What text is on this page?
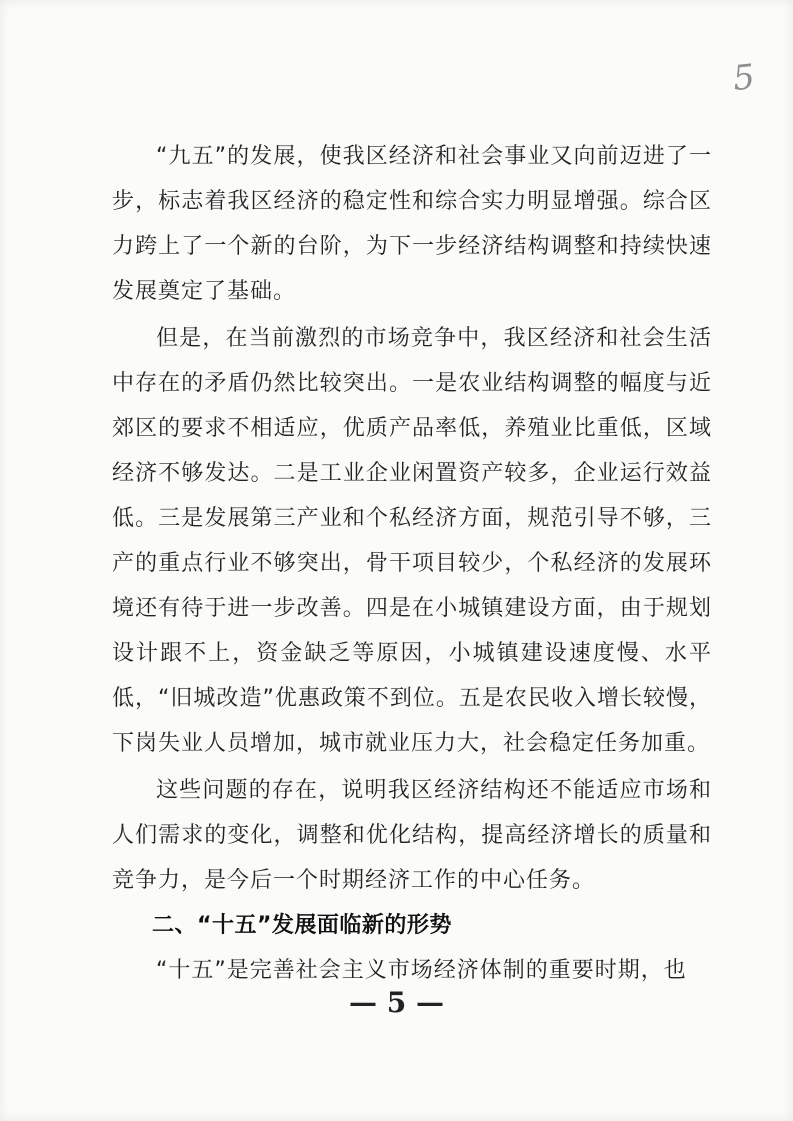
5

“九五”的发展，使我区经济和社会事业又向前迈进了一步，标志着我区经济的稳定性和综合实力明显增强。综合区力跨上了一个新的台阶，为下一步经济结构调整和持续快速发展奠定了基础。

但是，在当前激烈的市场竞争中，我区经济和社会生活中存在的矛盾仍然比较突出。一是农业结构调整的幅度与近郊区的要求不相适应，优质产品率低，养殖业比重低，区域经济不够发达。二是工业企业闲置资产较多，企业运行效益低。三是发展第三产业和个私经济方面，规范引导不够，三产的重点行业不够突出，骨干项目较少，个私经济的发展环境还有待于进一步改善。四是在小城镇建设方面，由于规划设计跟不上，资金缺乏等原因，小城镇建设速度慢、水平低，“旧城改造”优惠政策不到位。五是农民收入增长较慢，下岗失业人员增加，城市就业压力大，社会稳定任务加重。

这些问题的存在，说明我区经济结构还不能适应市场和人们需求的变化，调整和优化结构，提高经济增长的质量和竞争力，是今后一个时期经济工作的中心任务。

二、“十五”发展面临新的形势

“十五”是完善社会主义市场经济体制的重要时期，也

— 5 —
